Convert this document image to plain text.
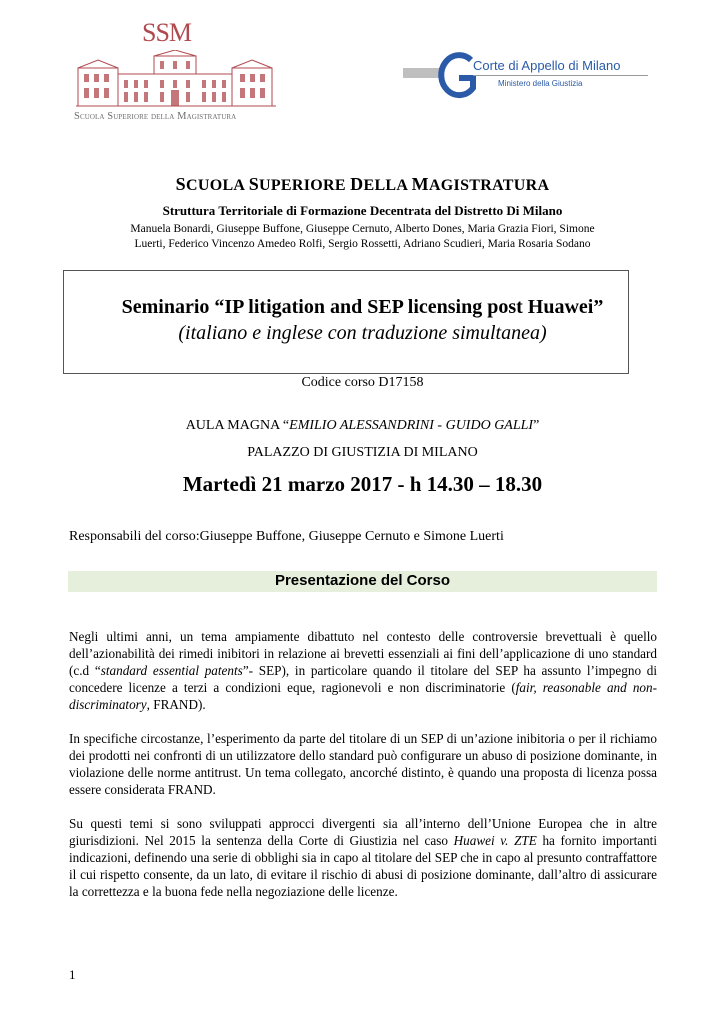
SSM
Scuola Superiore della Magistratura
Corte di Appello di Milano
Ministero della Giustizia
SCUOLA SUPERIORE DELLA MAGISTRATURA
Struttura Territoriale di Formazione Decentrata del Distretto Di Milano
Manuela Bonardi, Giuseppe Buffone, Giuseppe Cernuto, Alberto Dones, Maria Grazia Fiori, Simone
Luerti, Federico Vincenzo Amedeo Rolfi, Sergio Rossetti, Adriano Scudieri, Maria Rosaria Sodano
Seminario “IP litigation and SEP licensing post Huawei”
(italiano e inglese con traduzione simultanea)
Codice corso D17158
AULA MAGNA “EMILIO ALESSANDRINI - GUIDO GALLI”
PALAZZO DI GIUSTIZIA DI MILANO
Martedì 21 marzo 2017 - h 14.30 – 18.30
Responsabili del corso:Giuseppe Buffone, Giuseppe Cernuto e Simone Luerti
Presentazione del Corso
Negli ultimi anni, un tema ampiamente dibattuto nel contesto delle controversie brevettuali è quello dell’azionabilità dei rimedi inibitori in relazione ai brevetti essenziali ai fini dell’applicazione di uno standard (c.d “standard essential patents”- SEP), in particolare quando il titolare del SEP ha assunto l’impegno di concedere licenze a terzi a condizioni eque, ragionevoli e non discriminatorie (fair, reasonable and non-discriminatory, FRAND).
In specifiche circostanze, l’esperimento da parte del titolare di un SEP di un’azione inibitoria o per il richiamo dei prodotti nei confronti di un utilizzatore dello standard può configurare un abuso di posizione dominante, in violazione delle norme antitrust. Un tema collegato, ancorché distinto, è quando una proposta di licenza possa essere considerata FRAND.
Su questi temi si sono sviluppati approcci divergenti sia all’interno dell’Unione Europea che in altre giurisdizioni. Nel 2015 la sentenza della Corte di Giustizia nel caso Huawei v. ZTE ha fornito importanti indicazioni, definendo una serie di obblighi sia in capo al titolare del SEP che in capo al presunto contraffattore il cui rispetto consente, da un lato, di evitare il rischio di abusi di posizione dominante, dall’altro di assicurare la correttezza e la buona fede nella negoziazione delle licenze.
1
